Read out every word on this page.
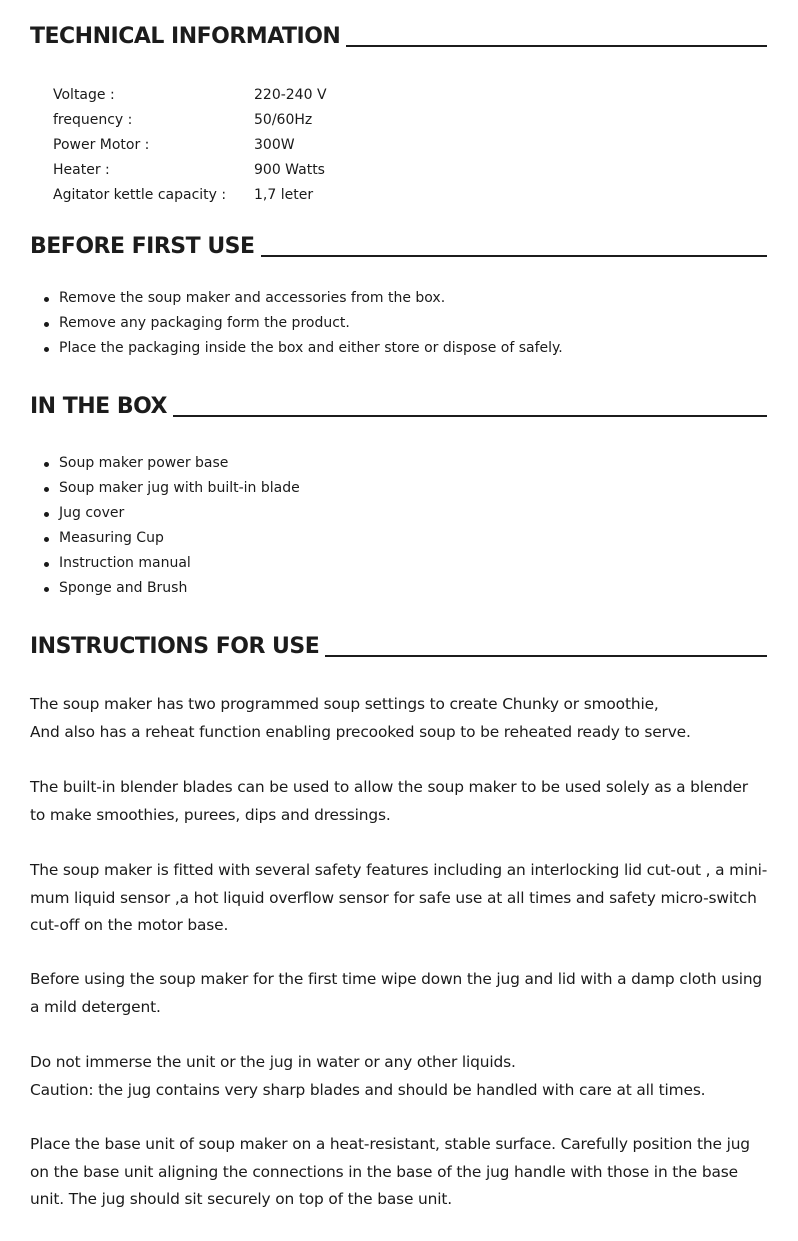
TECHNICAL INFORMATION
Voltage :	220-240 V
frequency :	50/60Hz
Power Motor :	300W
Heater :	900 Watts
Agitator kettle capacity :	1,7 leter
BEFORE FIRST USE
Remove the soup maker and accessories from the box.
Remove any packaging form the product.
Place the packaging inside the box and either store or dispose of safely.
IN THE BOX
Soup maker power base
Soup maker jug with built-in blade
Jug cover
Measuring Cup
Instruction manual
Sponge and Brush
INSTRUCTIONS FOR USE
The soup maker has two programmed soup settings to create Chunky or smoothie,
And also has a reheat function enabling precooked soup to be reheated ready to serve.
The built-in blender blades can be used to allow the soup maker to be used solely as a blender
to make smoothies, purees, dips and dressings.
The soup maker is fitted with several safety features including an interlocking lid cut-out , a mini-
mum liquid sensor ,a hot liquid overflow sensor for safe use at all times and safety micro-switch
cut-off on the motor base.
Before using the soup maker for the first time wipe down the jug and lid with a damp cloth using
a mild detergent.
Do not immerse the unit or the jug in water or any other liquids.
Caution: the jug contains very sharp blades and should be handled with care at all times.
Place the base unit of soup maker on a heat-resistant, stable surface. Carefully position the jug
on the base unit aligning the connections in the base of the jug handle with those in the base
unit. The jug should sit securely on top of the base unit.
